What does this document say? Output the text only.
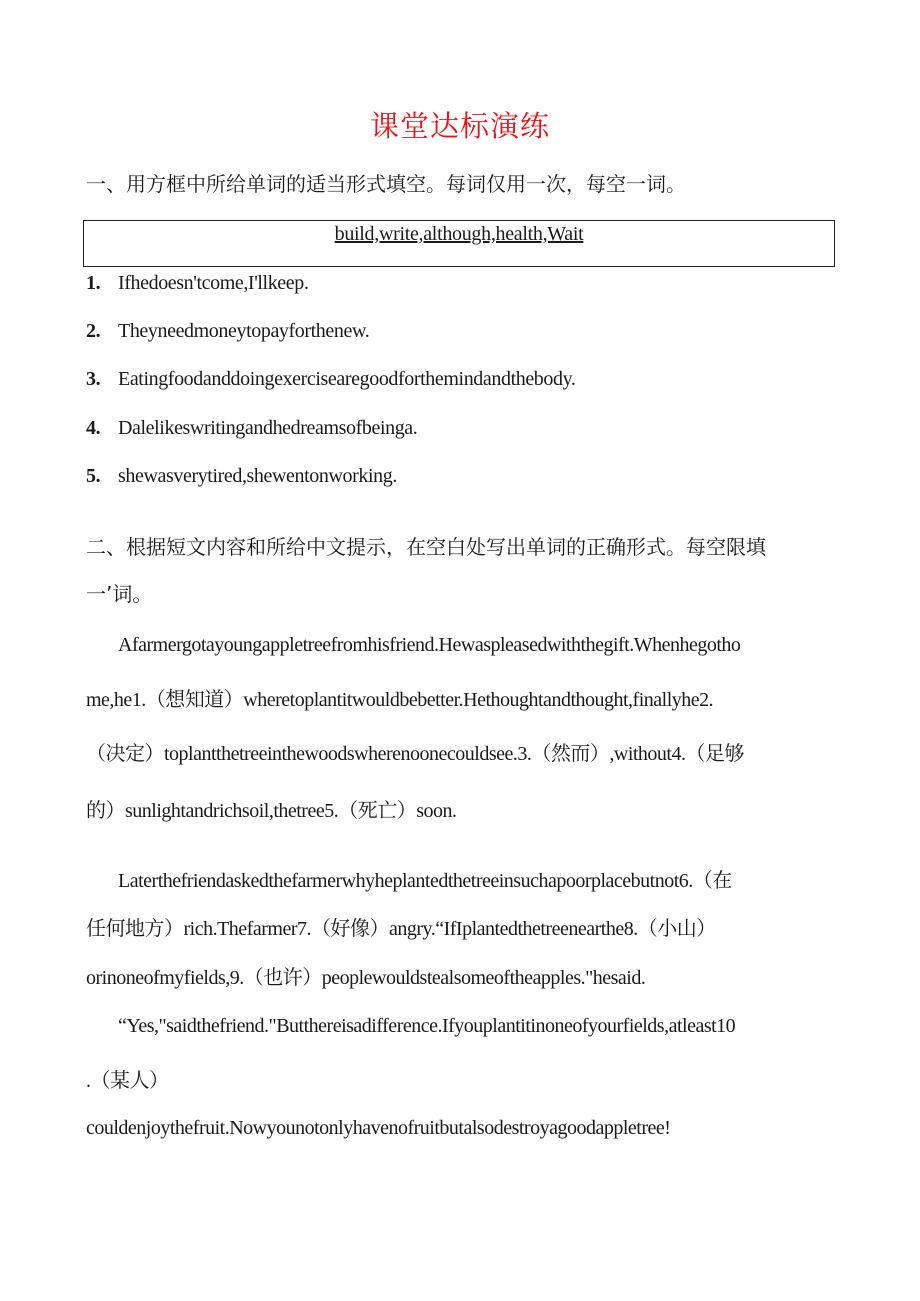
课堂达标演练
一、用方框中所给单词的适当形式填空。每词仅用一次，每空一词。
build,write,although,health,Wait
1. Ifhedoesn'tcome,I'llkeep.
2. Theyneedmoneytopayforthenew.
3. Eatingfoodanddoingexercisearegoodforthemindandthebody.
4. Dalelikeswritingandhedreamsofbeinga.
5. shewasverytired,shewentonworking.
二、根据短文内容和所给中文提示，在空白处写出单词的正确形式。每空限填
一’词。
Afarmergotayoungappletreefromhisfriend.Hewaspleasedwiththegift.Whenhegotho
me,he1.（想知道）wheretoplantitwouldbebetter.Hethoughtandthought,finallyhe2.
（决定）toplantthetreeinthewoodswherenoonecouldsee.3.（然而）,without4.（足够
的）sunlightandrichsoil,thetree5.（死亡）soon.
Laterthefriendaskedthefarmerwhyheplantedthetreeinsuchapoorplacebutnot6.（在
任何地方）rich.Thefarmer7.（好像）angry.“IfIplantedthetreenearthe8.（小山）
orinoneofmyfields,9.（也许）peoplewouldstealsomeoftheapples."hesaid.
“Yes,"saidthefriend."Butthereisadifference.Ifyouplantitinoneofyourfields,atleast10
.（某人）
couldenjoythefruit.Nowyounotonlyhavenofruitbutalsodestroyagoodappletree!
